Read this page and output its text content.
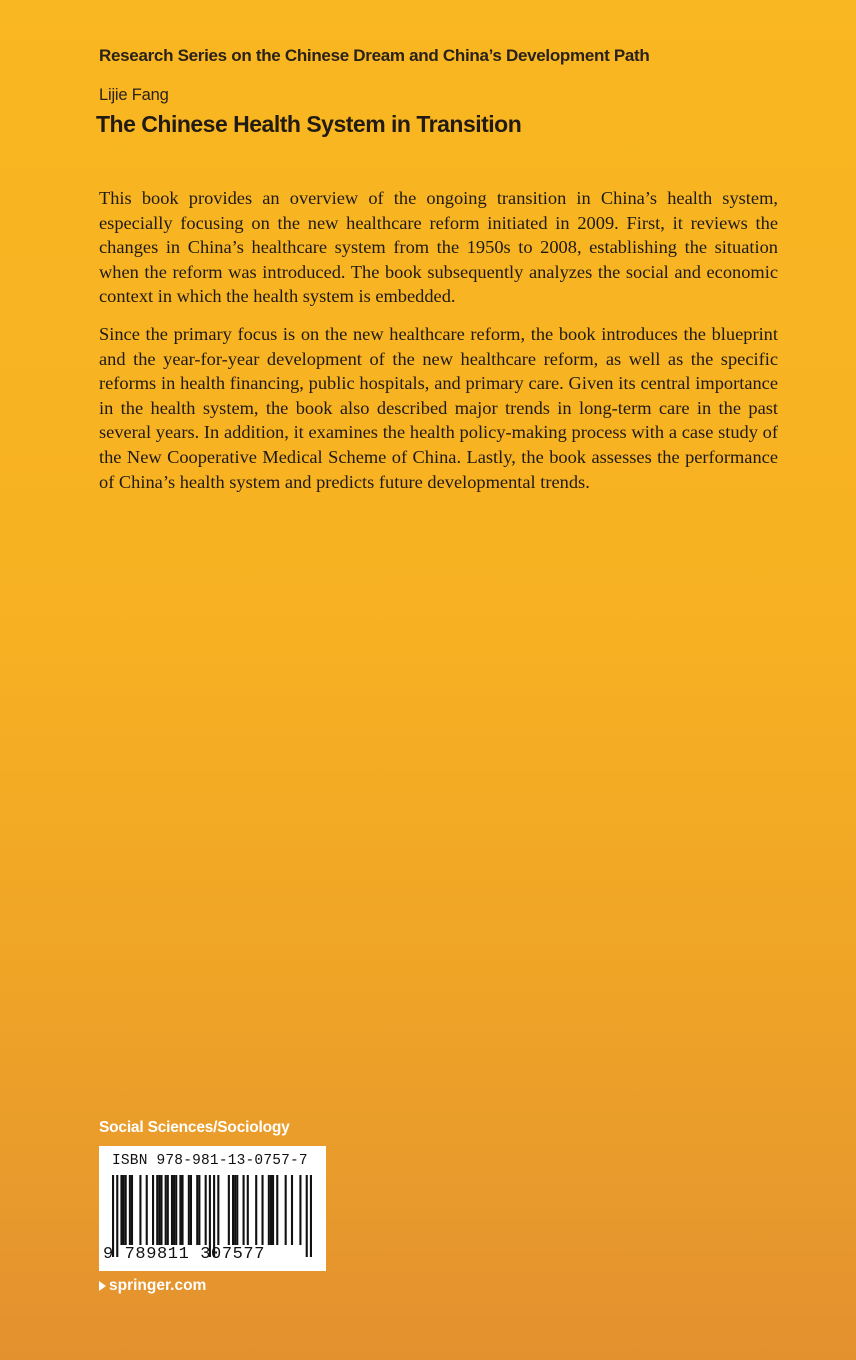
Research Series on the Chinese Dream and China’s Development Path
Lijie Fang
The Chinese Health System in Transition

This book provides an overview of the ongoing transition in China’s health system, especially focusing on the new healthcare reform initiated in 2009. First, it reviews the changes in China’s healthcare system from the 1950s to 2008, establishing the situation when the reform was introduced. The book subsequently analyzes the social and economic context in which the health system is embedded.

Since the primary focus is on the new healthcare reform, the book introduces the blueprint and the year-for-year development of the new healthcare reform, as well as the specific reforms in health financing, public hospitals, and primary care. Given its central importance in the health system, the book also described major trends in long-term care in the past several years. In addition, it examines the health policy-making process with a case study of the New Cooperative Medical Scheme of China. Lastly, the book assesses the performance of China’s health system and predicts future developmental trends.

Social Sciences/Sociology
ISBN 978-981-13-0757-7
9 789811 307577
springer.com
